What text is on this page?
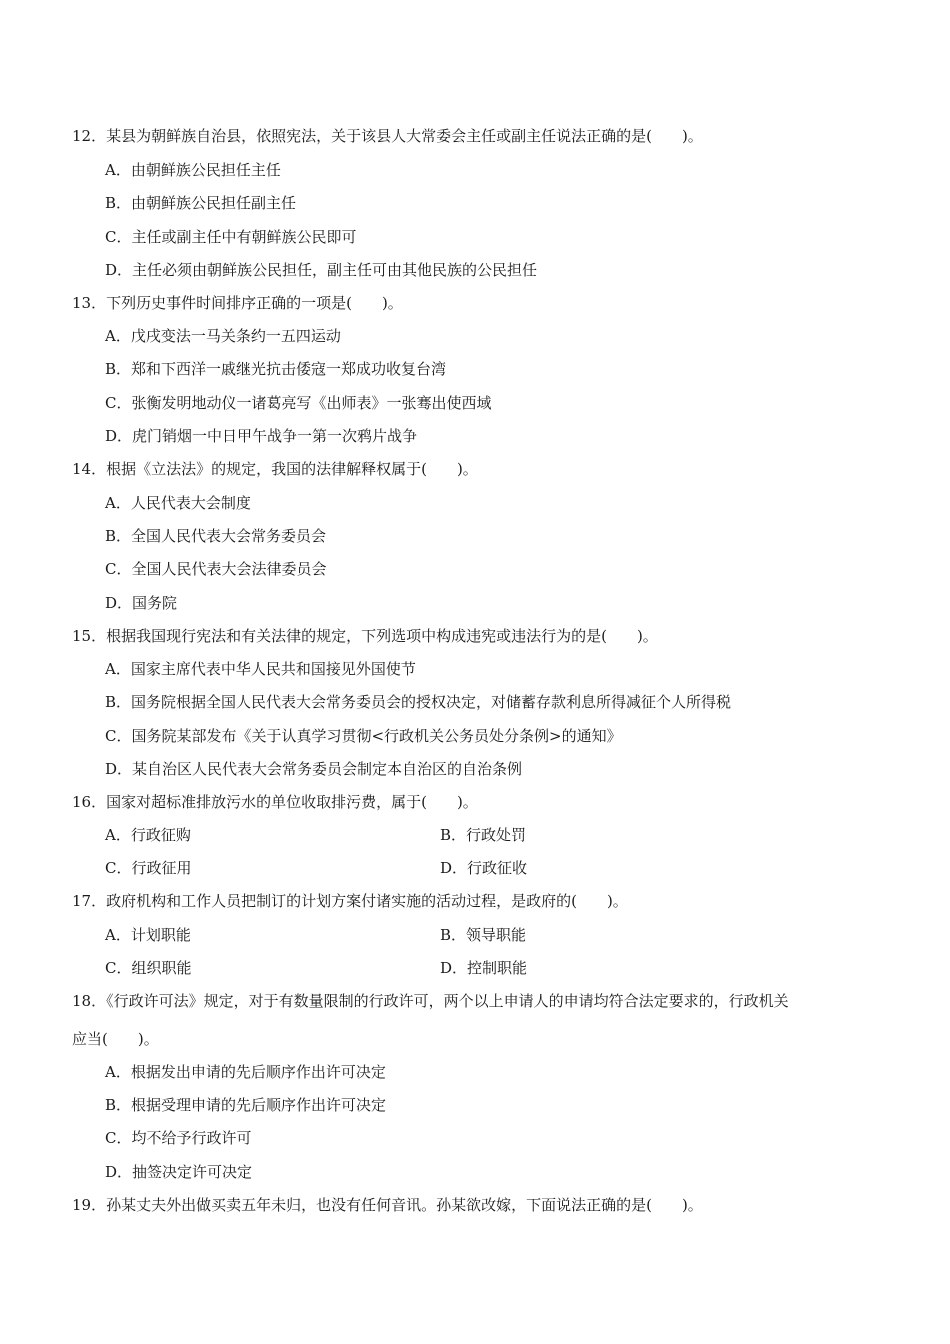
12．某县为朝鲜族自治县，依照宪法，关于该县人大常委会主任或副主任说法正确的是(　　)。
A．由朝鲜族公民担任主任
B．由朝鲜族公民担任副主任
C．主任或副主任中有朝鲜族公民即可
D．主任必须由朝鲜族公民担任，副主任可由其他民族的公民担任
13．下列历史事件时间排序正确的一项是(　　)。
A．戊戌变法一马关条约一五四运动
B．郑和下西洋一戚继光抗击倭寇一郑成功收复台湾
C．张衡发明地动仪一诸葛亮写《出师表》一张骞出使西域
D．虎门销烟一中日甲午战争一第一次鸦片战争
14．根据《立法法》的规定，我国的法律解释权属于(　　)。
A．人民代表大会制度
B．全国人民代表大会常务委员会
C．全国人民代表大会法律委员会
D．国务院
15．根据我国现行宪法和有关法律的规定，下列选项中构成违宪或违法行为的是(　　)。
A．国家主席代表中华人民共和国接见外国使节
B．国务院根据全国人民代表大会常务委员会的授权决定，对储蓄存款利息所得减征个人所得税
C．国务院某部发布《关于认真学习贯彻<行政机关公务员处分条例>的通知》
D．某自治区人民代表大会常务委员会制定本自治区的自治条例
16．国家对超标准排放污水的单位收取排污费，属于(　　)。
A．行政征购	B．行政处罚
C．行政征用	D．行政征收
17．政府机构和工作人员把制订的计划方案付诸实施的活动过程，是政府的(　　)。
A．计划职能	B．领导职能
C．组织职能	D．控制职能
18．《行政许可法》规定，对于有数量限制的行政许可，两个以上申请人的申请均符合法定要求的，行政机关
应当(　　)。
A．根据发出申请的先后顺序作出许可决定
B．根据受理申请的先后顺序作出许可决定
C．均不给予行政许可
D．抽签决定许可决定
19．孙某丈夫外出做买卖五年未归，也没有任何音讯。孙某欲改嫁，下面说法正确的是(　　)。
